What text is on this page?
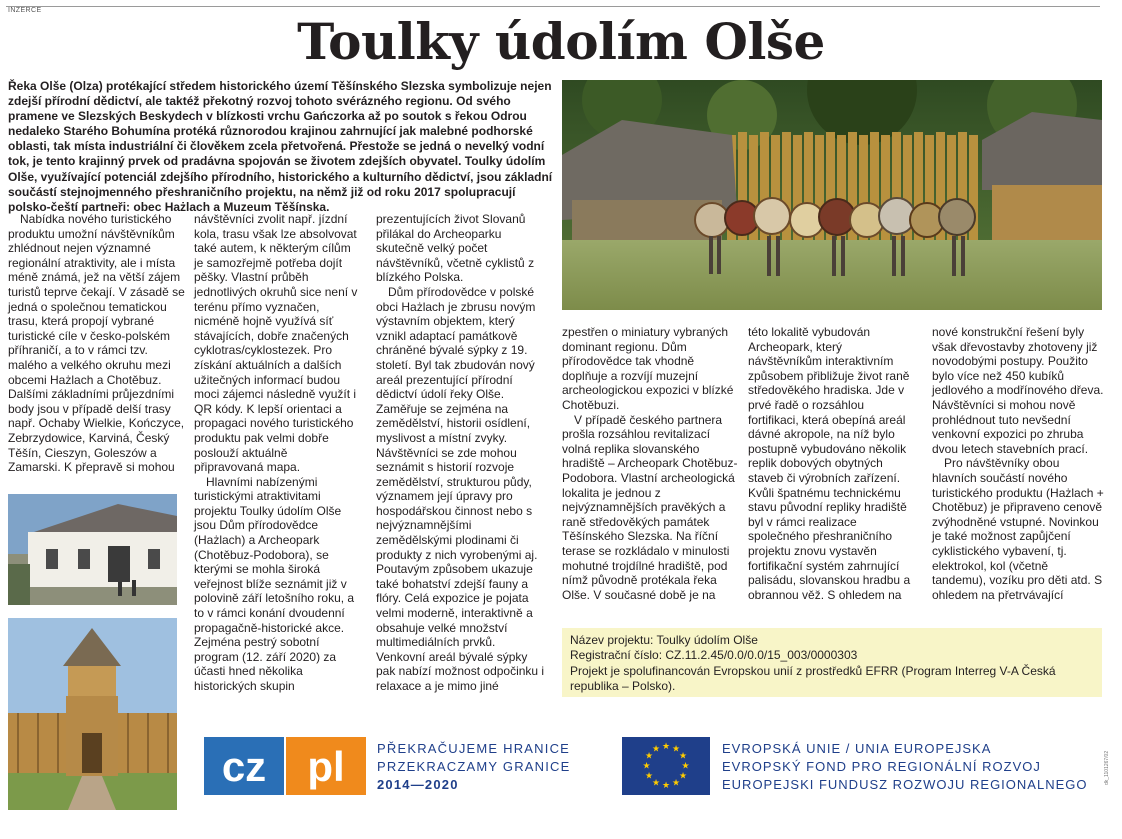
INZERCE
Toulky údolím Olše

Řeka Olše (Olza) protékající středem historického území Těšínského Slezska symbolizuje nejen zdejší přírodní dědictví, ale taktéž překotný rozvoj tohoto svérázného regionu. Od svého pramene ve Slezských Beskydech v blízkosti vrchu Gańczorka až po soutok s řekou Odrou nedaleko Starého Bohumína protéká různorodou krajinou zahrnující jak malebné podhorské oblasti, tak místa industriální či člověkem zcela přetvořená. Přestože se jedná o nevelký vodní tok, je tento krajinný prvek od pradávna spojován se životem zdejších obyvatel. Toulky údolím Olše, využívající potenciál zdejšího přírodního, historického a kulturního dědictví, jsou základní součástí stejnojmenného přeshraničního projektu, na němž již od roku 2017 spolupracují polsko-čeští partneři: obec Hażlach a Muzeum Těšínska.

Nabídka nového turistického produktu umožní návštěvníkům zhlédnout nejen významné regionální atraktivity, ale i místa méně známá, jež na větší zájem turistů teprve čekají. V zásadě se jedná o společnou tematickou trasu, která propojí vybrané turistické cíle v česko-polském příhraničí, a to v rámci tzv. malého a velkého okruhu mezi obcemi Hażlach a Chotěbuz. Dalšími základními průjezdními body jsou v případě delší trasy např. Ochaby Wielkie, Kończyce, Zebrzydowice, Karviná, Český Těšín, Cieszyn, Goleszów a Zamarski. K přepravě si mohou

návštěvníci zvolit např. jízdní kola, trasu však lze absolvovat také autem, k některým cílům je samozřejmě potřeba dojít pěšky. Vlastní průběh jednotlivých okruhů sice není v terénu přímo vyznačen, nicméně hojně využívá síť stávajících, dobře značených cyklotras/cyklostezek. Pro získání aktuálních a dalších užitečných informací budou moci zájemci následně využít i QR kódy. K lepší orientaci a propagaci nového turistického produktu pak velmi dobře poslouží aktuálně připravovaná mapa.

Hlavními nabízenými turistickými atraktivitami projektu Toulky údolím Olše jsou Dům přírodovědce (Hażlach) a Archeopark (Chotěbuz-Podobora), se kterými se mohla široká veřejnost blíže seznámit již v polovině září letošního roku, a to v rámci konání dvoudenní propagačně-historické akce. Zejména pestrý sobotní program (12. září 2020) za účasti hned několika historických skupin

prezentujících život Slovanů přilákal do Archeoparku skutečně velký počet návštěvníků, včetně cyklistů z blízkého Polska.

Dům přírodovědce v polské obci Hażlach je zbrusu novým výstavním objektem, který vznikl adaptací památkově chráněné bývalé sýpky z 19. století. Byl tak zbudován nový areál prezentující přírodní dědictví údolí řeky Olše. Zaměřuje se zejména na zemědělství, historii osídlení, myslivost a místní zvyky. Návštěvníci se zde mohou seznámit s historií rozvoje zemědělství, strukturou půdy, významem její úpravy pro hospodářskou činnost nebo s nejvýznamnějšími zemědělskými plodinami či produkty z nich vyrobenými aj. Poutavým způsobem ukazuje také bohatství zdejší fauny a flóry. Celá expozice je pojata velmi moderně, interaktivně a obsahuje velké množství multimediálních prvků. Venkovní areál bývalé sýpky pak nabízí možnost odpočinku i relaxace a je mimo jiné

zpestřen o miniatury vybraných dominant regionu. Dům přírodovědce tak vhodně doplňuje a rozvíjí muzejní archeologickou expozici v blízké Chotěbuzi.

V případě českého partnera prošla rozsáhlou revitalizací volná replika slovanského hradiště – Archeopark Chotěbuz-Podobora. Vlastní archeologická lokalita je jednou z nejvýznamnějších pravěkých a raně středověkých památek Těšínského Slezska. Na říční terase se rozkládalo v minulosti mohutné trojdílné hradiště, pod nímž původně protékala řeka Olše. V současné době je na

této lokalitě vybudován Archeopark, který návštěvníkům interaktivním způsobem přibližuje život raně středověkého hradiska. Jde v prvé řadě o rozsáhlou fortifikaci, která obepíná areál dávné akropole, na níž bylo postupně vybudováno několik replik dobových obytných staveb či výrobních zařízení. Kvůli špatnému technickému stavu původní repliky hradiště byl v rámci realizace společného přeshraničního projektu znovu vystavěn fortifikační systém zahrnující palisádu, slovanskou hradbu a obrannou věž. S ohledem na

nové konstrukční řešení byly však dřevostavby zhotoveny již novodobými postupy. Použito bylo více než 450 kubíků jedlového a modřínového dřeva. Návštěvníci si mohou nově prohlédnout tuto nevšední venkovní expozici po zhruba dvou letech stavebních prací.

Pro návštěvníky obou hlavních součástí nového turistického produktu (Hażlach + Chotěbuz) je připraveno cenově zvýhodněné vstupné. Novinkou je také možnost zapůjčení cyklistického vybavení, tj. elektrokol, kol (včetně tandemu), vozíku pro děti atd. S ohledem na přetrvávající

Název projektu: Toulky údolím Olše
Registrační číslo: CZ.11.2.45/0.0/0.0/15_003/0000303
Projekt je spolufinancován Evropskou unií z prostředků EFRR (Program Interreg V-A Česká republika – Polsko).
cz pl PŘEKRAČUJEME HRANICE
PRZEKRACZAMY GRANICE
2014—2020
★ ★
★
★
★
★
★
★
★
★
★
★	EVROPSKÁ UNIE / UNIA EUROPEJSKA
EVROPSKÝ FOND PRO REGIONÁLNÍ ROZVOJ
EUROPEJSKI FUNDUSZ ROZWOJU REGIONALNEGO	dk_1101267/02
